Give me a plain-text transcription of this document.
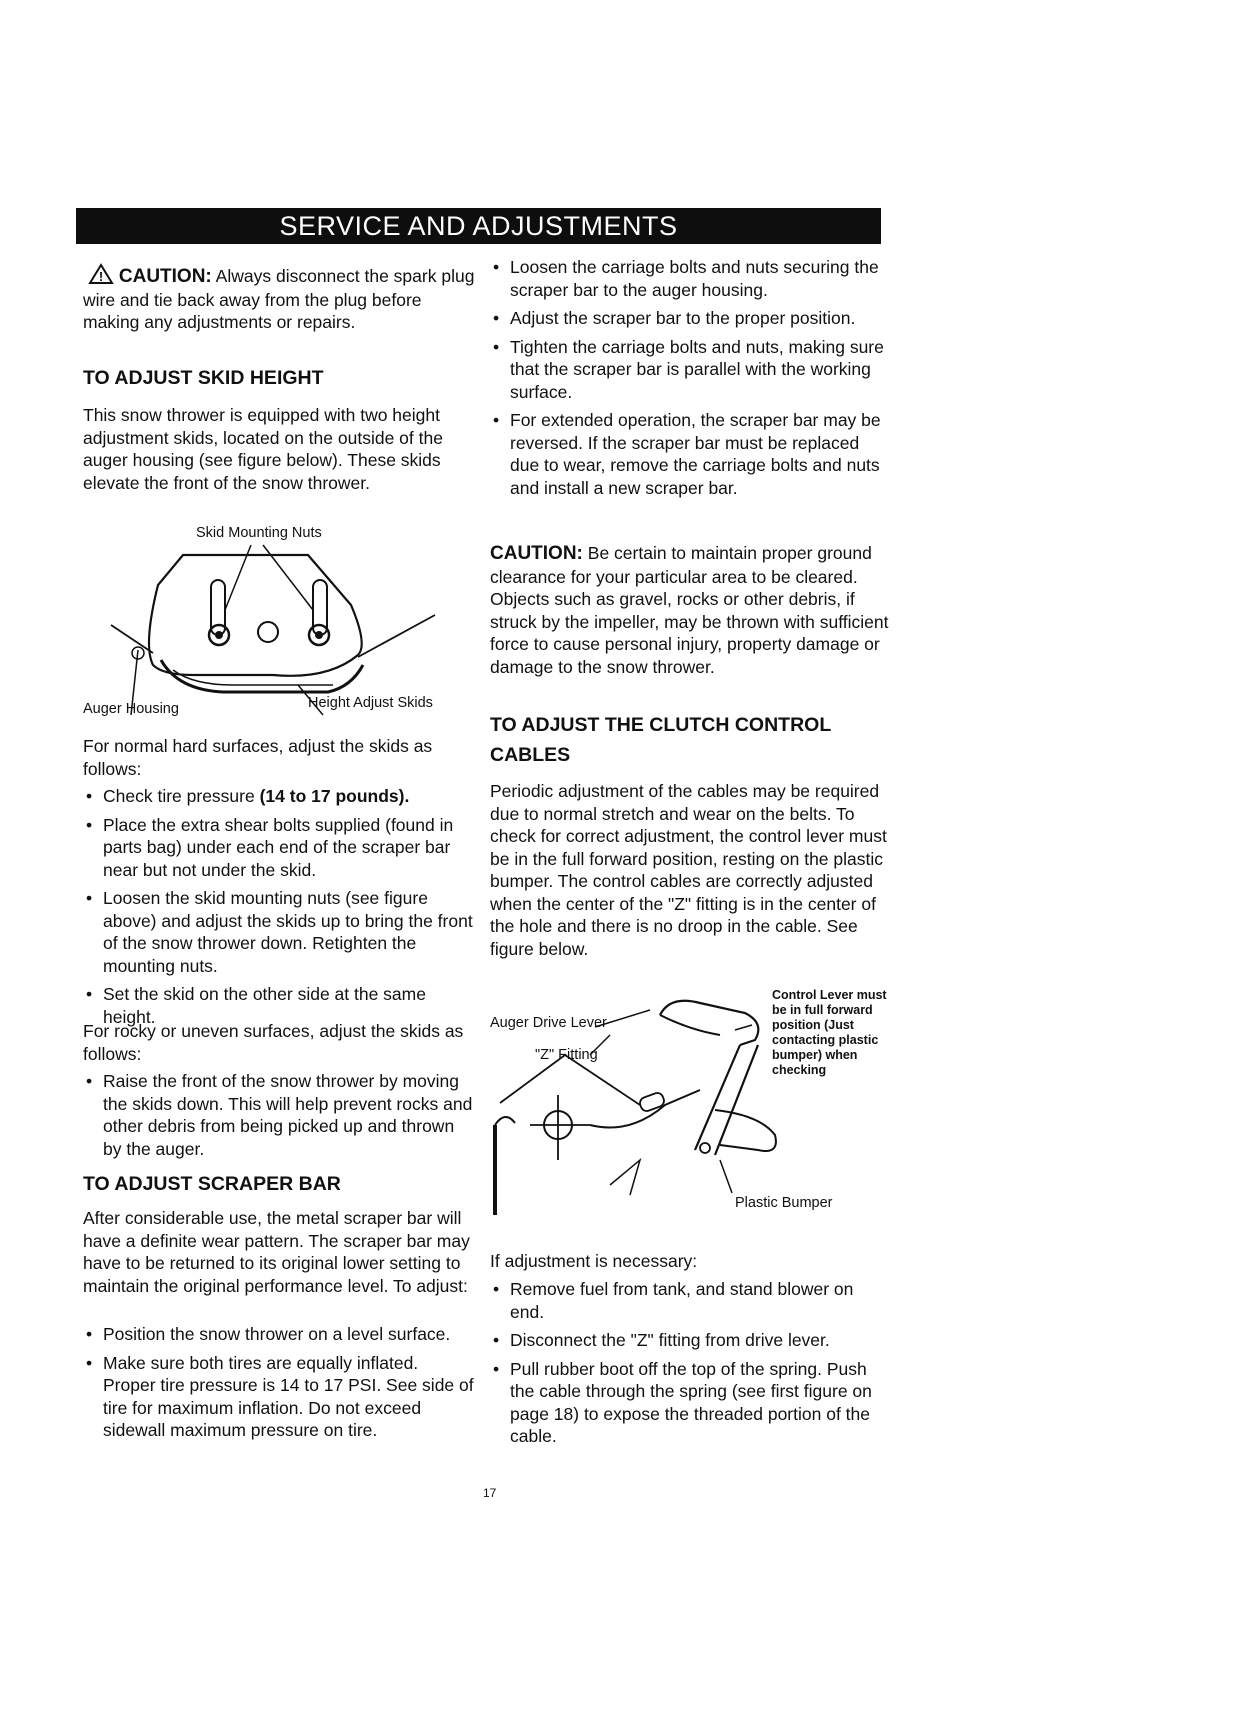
SERVICE AND ADJUSTMENTS

! CAUTION: Always disconnect the spark plug wire and tie back away from the plug before making any adjustments or repairs.

TO ADJUST SKID HEIGHT

This snow thrower is equipped with two height adjustment skids, located on the outside of the auger housing (see figure below). These skids elevate the front of the snow thrower.

Skid Mounting Nuts
Auger Housing	Height Adjust Skids

For normal hard surfaces, adjust the skids as follows:

• Check tire pressure (14 to 17 pounds).
• Place the extra shear bolts supplied (found in parts bag) under each end of the scraper bar near but not under the skid.
• Loosen the skid mounting nuts (see figure above) and adjust the skids up to bring the front of the snow thrower down. Retighten the mounting nuts.
• Set the skid on the other side at the same height.

For rocky or uneven surfaces, adjust the skids as follows:

• Raise the front of the snow thrower by moving the skids down. This will help prevent rocks and other debris from being picked up and thrown by the auger.

TO ADJUST SCRAPER BAR

After considerable use, the metal scraper bar will have a definite wear pattern. The scraper bar may have to be returned to its original lower setting to maintain the original performance level. To adjust:

• Position the snow thrower on a level surface.
• Make sure both tires are equally inflated. Proper tire pressure is 14 to 17 PSI. See side of tire for maximum inflation. Do not exceed sidewall maximum pressure on tire.
• Loosen the carriage bolts and nuts securing the scraper bar to the auger housing.
• Adjust the scraper bar to the proper position.
• Tighten the carriage bolts and nuts, making sure that the scraper bar is parallel with the working surface.
• For extended operation, the scraper bar may be reversed. If the scraper bar must be replaced due to wear, remove the carriage bolts and nuts and install a new scraper bar.

CAUTION: Be certain to maintain proper ground clearance for your particular area to be cleared. Objects such as gravel, rocks or other debris, if struck by the impeller, may be thrown with sufficient force to cause personal injury, property damage or damage to the snow thrower.

TO ADJUST THE CLUTCH CONTROL CABLES

Periodic adjustment of the cables may be required due to normal stretch and wear on the belts. To check for correct adjustment, the control lever must be in the full forward position, resting on the plastic bumper. The control cables are correctly adjusted when the center of the "Z" fitting is in the center of the hole and there is no droop in the cable. See figure below.

Auger Drive Lever
"Z" Fitting
Control Lever must be in full forward position (Just contacting plastic bumper) when checking
Plastic Bumper

If adjustment is necessary:

• Remove fuel from tank, and stand blower on end.
• Disconnect the "Z" fitting from drive lever.
• Pull rubber boot off the top of the spring. Push the cable through the spring (see first figure on page 18) to expose the threaded portion of the cable.
17
